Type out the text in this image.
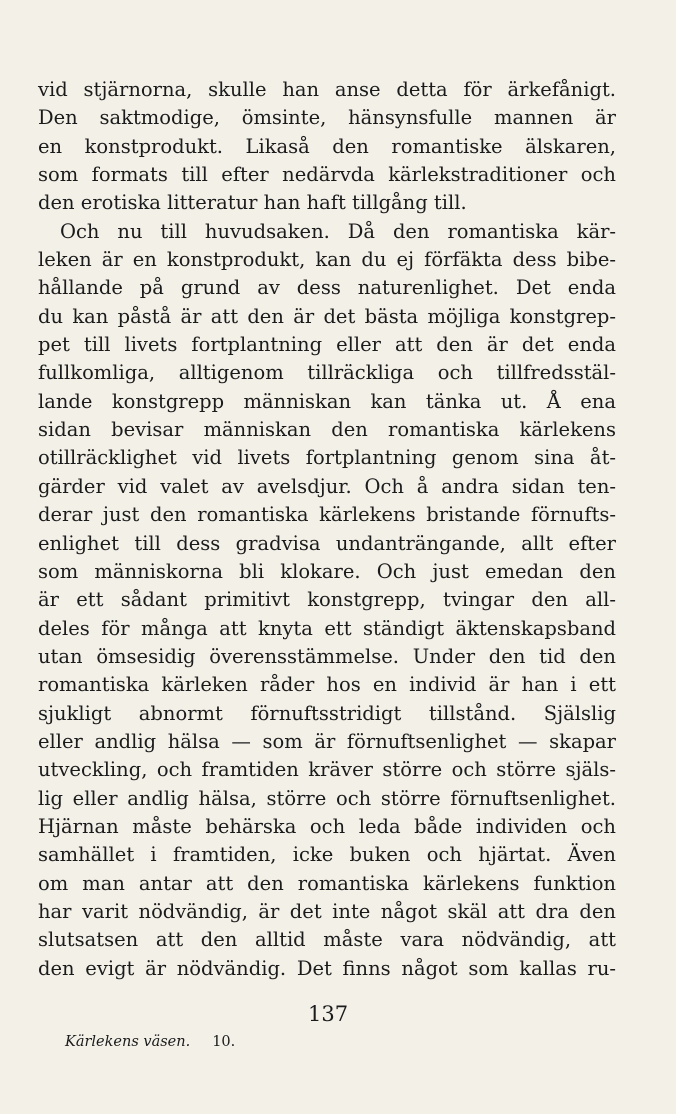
vid stjärnorna, skulle han anse detta för ärkefånigt.
Den saktmodige, ömsinte, hänsynsfulle mannen är
en konstprodukt. Likaså den romantiske älskaren,
som formats till efter nedärvda kärlekstraditioner och
den erotiska litteratur han haft tillgång till.
Och nu till huvudsaken. Då den romantiska kär-
leken är en konstprodukt, kan du ej förfäkta dess bibe-
hållande på grund av dess naturenlighet. Det enda
du kan påstå är att den är det bästa möjliga konstgrep-
pet till livets fortplantning eller att den är det enda
fullkomliga, alltigenom tillräckliga och tillfredsstäl-
lande konstgrepp människan kan tänka ut. Å ena
sidan bevisar människan den romantiska kärlekens
otillräcklighet vid livets fortplantning genom sina åt-
gärder vid valet av avelsdjur. Och å andra sidan ten-
derar just den romantiska kärlekens bristande förnufts-
enlighet till dess gradvisa undanträngande, allt efter
som människorna bli klokare. Och just emedan den
är ett sådant primitivt konstgrepp, tvingar den all-
deles för många att knyta ett ständigt äktenskapsband
utan ömsesidig överensstämmelse. Under den tid den
romantiska kärleken råder hos en individ är han i ett
sjukligt abnormt förnuftsstridigt tillstånd. Själslig
eller andlig hälsa — som är förnuftsenlighet — skapar
utveckling, och framtiden kräver större och större själs-
lig eller andlig hälsa, större och större förnuftsenlighet.
Hjärnan måste behärska och leda både individen och
samhället i framtiden, icke buken och hjärtat. Även
om man antar att den romantiska kärlekens funktion
har varit nödvändig, är det inte något skäl att dra den
slutsatsen att den alltid måste vara nödvändig, att
den evigt är nödvändig. Det finns något som kallas ru-
137
Kärlekens väsen. 10.
